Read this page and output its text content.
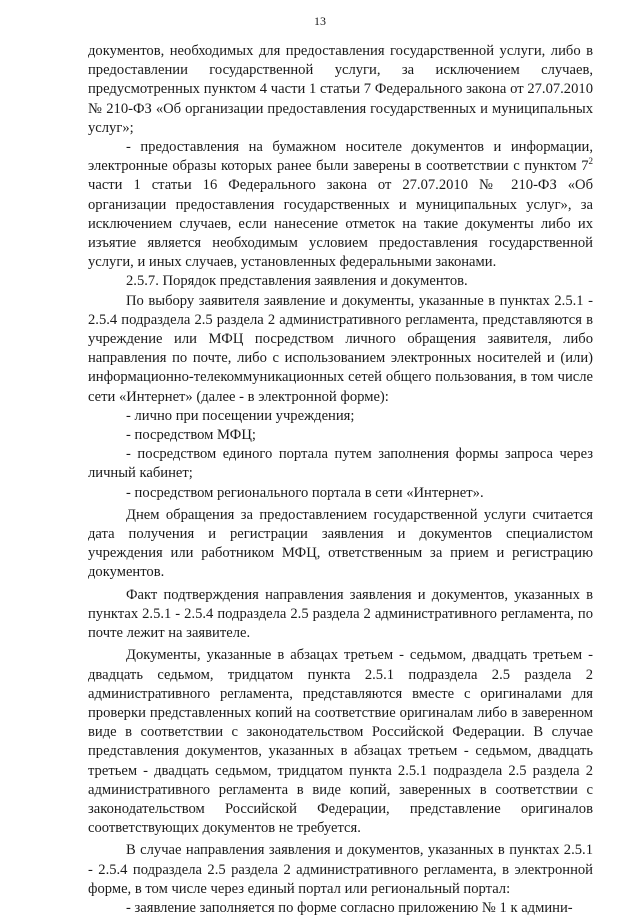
13

документов, необходимых для предоставления государственной услуги, либо в предоставлении государственной услуги, за исключением случаев, предусмотренных пунктом 4 части 1 статьи 7 Федерального закона от 27.07.2010 № 210-ФЗ «Об организации предоставления государственных и муниципальных услуг»;

- предоставления на бумажном носителе документов и информации, электронные образы которых ранее были заверены в соответствии с пунктом $7^2$ части 1 статьи 16 Федерального закона от 27.07.2010 № 210-ФЗ «Об организации предоставления государственных и муниципальных услуг», за исключением случаев, если нанесение отметок на такие документы либо их изъятие является необходимым условием предоставления государственной услуги, и иных случаев, установленных федеральными законами.

2.5.7. Порядок представления заявления и документов.

По выбору заявителя заявление и документы, указанные в пунктах 2.5.1 - 2.5.4 подраздела 2.5 раздела 2 административного регламента, представляются в учреждение или МФЦ посредством личного обращения заявителя, либо направления по почте, либо с использованием электронных носителей и (или) информационно-телекоммуникационных сетей общего пользования, в том числе сети «Интернет» (далее - в электронной форме):

- лично при посещении учреждения;

- посредством МФЦ;

- посредством единого портала путем заполнения формы запроса через личный кабинет;

- посредством регионального портала в сети «Интернет».

Днем обращения за предоставлением государственной услуги считается дата получения и регистрации заявления и документов специалистом учреждения или работником МФЦ, ответственным за прием и регистрацию документов.

Факт подтверждения направления заявления и документов, указанных в пунктах 2.5.1 - 2.5.4 подраздела 2.5 раздела 2 административного регламента, по почте лежит на заявителе.

Документы, указанные в абзацах третьем - седьмом, двадцать третьем - двадцать седьмом, тридцатом пункта 2.5.1 подраздела 2.5 раздела 2 административного регламента, представляются вместе с оригиналами для проверки представленных копий на соответствие оригиналам либо в заверенном виде в соответствии с законодательством Российской Федерации. В случае представления документов, указанных в абзацах третьем - седьмом, двадцать третьем - двадцать седьмом, тридцатом пункта 2.5.1 подраздела 2.5 раздела 2 административного регламента в виде копий, заверенных в соответствии с законодательством Российской Федерации, представление оригиналов соответствующих документов не требуется.

В случае направления заявления и документов, указанных в пунктах 2.5.1 - 2.5.4 подраздела 2.5 раздела 2 административного регламента, в электронной форме, в том числе через единый портал или региональный портал:

- заявление заполняется по форме согласно приложению № 1 к админи-
